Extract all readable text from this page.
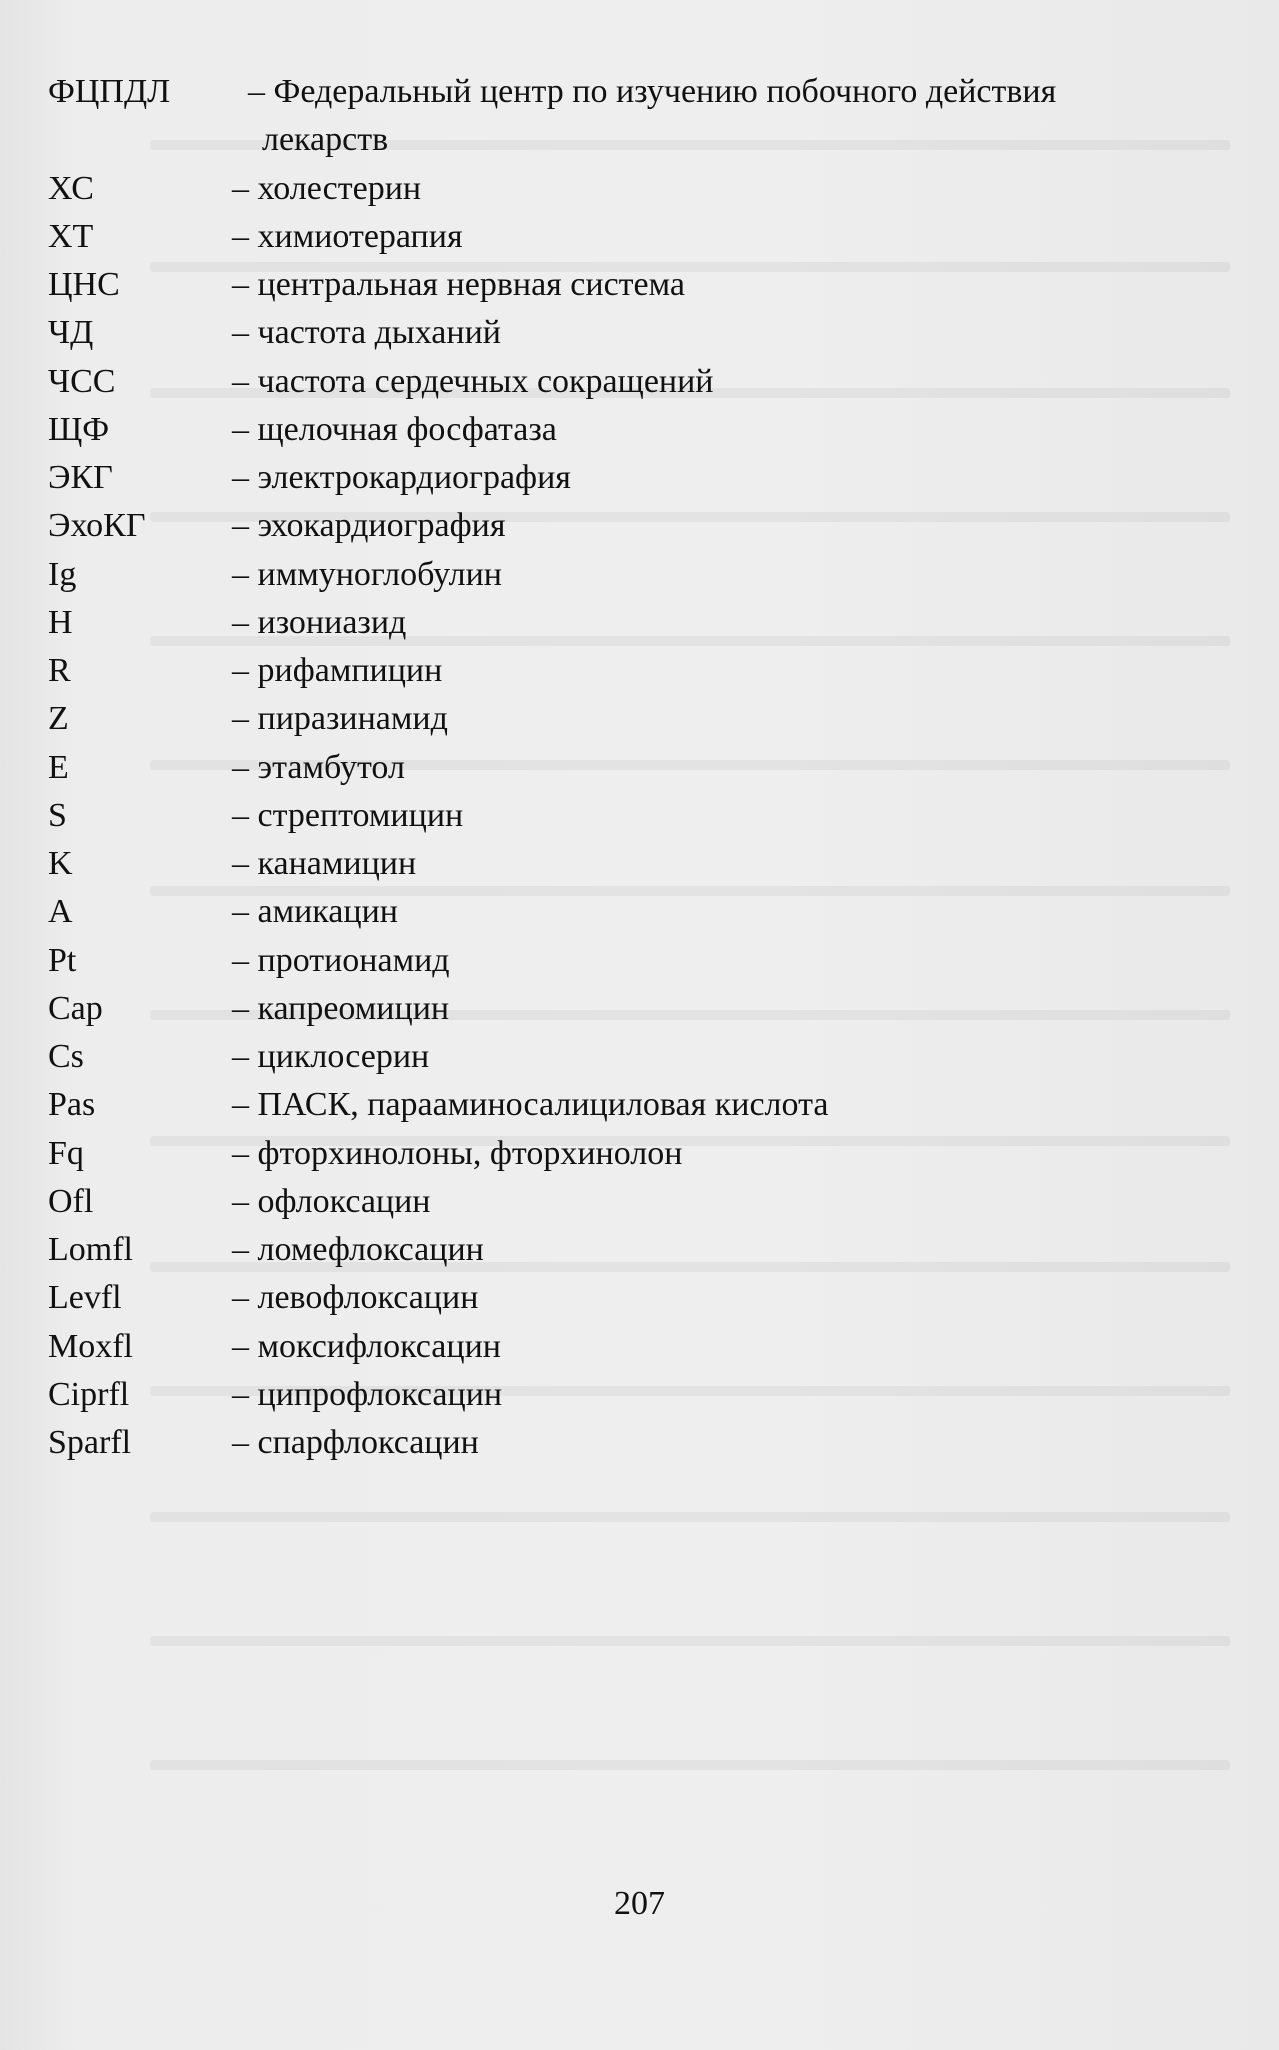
ФЦПДЛ – Федеральный центр по изучению побочного действия
лекарств
ХС	– холестерин
ХТ	– химиотерапия
ЦНС	– центральная нервная система
ЧД	– частота дыханий
ЧСС	– частота сердечных сокращений
ЩФ	– щелочная фосфатаза
ЭКГ	– электрокардиография
ЭхоКГ	– эхокардиография
Ig	– иммуноглобулин
H	– изониазид
R	– рифампицин
Z	– пиразинамид
E	– этамбутол
S	– стрептомицин
K	– канамицин
A	– амикацин
Pt	– протионамид
Cap	– капреомицин
Cs	– циклосерин
Pas	– ПАСК, парааминосалициловая кислота
Fq	– фторхинолоны, фторхинолон
Ofl	– офлоксацин
Lomfl	– ломефлоксацин
Levfl	– левофлоксацин
Moxfl	– моксифлоксацин
Ciprfl	– ципрофлоксацин
Sparfl	– спарфлоксацин
207
